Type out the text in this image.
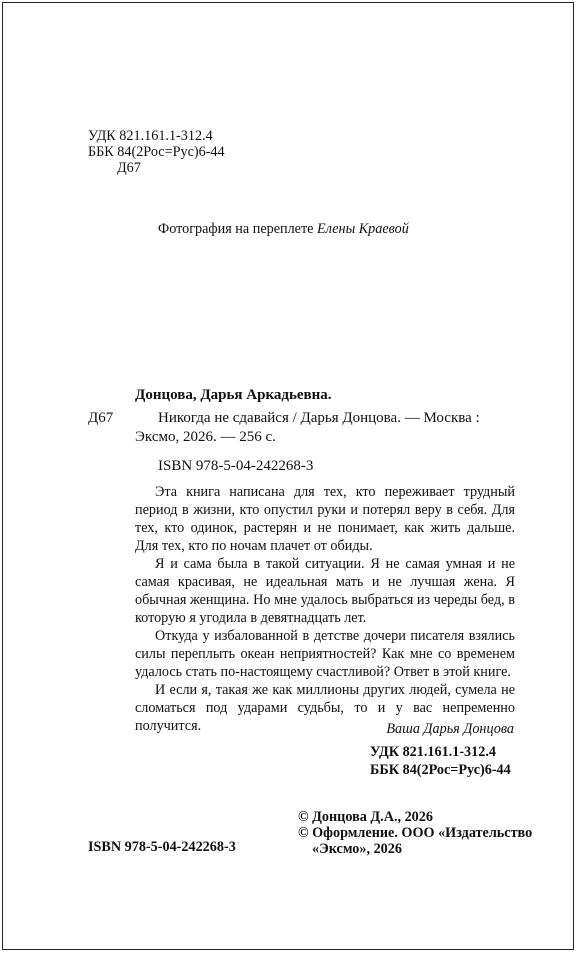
УДК 821.161.1-312.4
ББК 84(2Рос=Рус)6-44
Д67
Фотография на переплете Елены Краевой
Донцова, Дарья Аркадьевна.
Д67	Никогда не сдавайся / Дарья Донцова. — Москва :
Эксмо, 2026. — 256 с.
ISBN 978-5-04-242268-3

Эта книга написана для тех, кто переживает трудный период в жизни, кто опустил руки и потерял веру в себя. Для тех, кто одинок, растерян и не понимает, как жить дальше. Для тех, кто по ночам плачет от обиды.

Я и сама была в такой ситуации. Я не самая умная и не самая красивая, не идеальная мать и не лучшая жена. Я обычная женщина. Но мне удалось выбраться из череды бед, в которую я угодила в девятнадцать лет.

Откуда у избалованной в детстве дочери писателя взялись силы переплыть океан неприятностей? Как мне со временем удалось стать по-настоящему счастливой? Ответ в этой книге.

И если я, такая же как миллионы других людей, сумела не сломаться под ударами судьбы, то и у вас непременно получится.	Ваша Дарья Донцова
УДК 821.161.1-312.4
ББК 84(2Рос=Рус)6-44
© Донцова Д.А., 2026
© Оформление. ООО «Издательство
«Эксмо», 2026
ISBN 978-5-04-242268-3
